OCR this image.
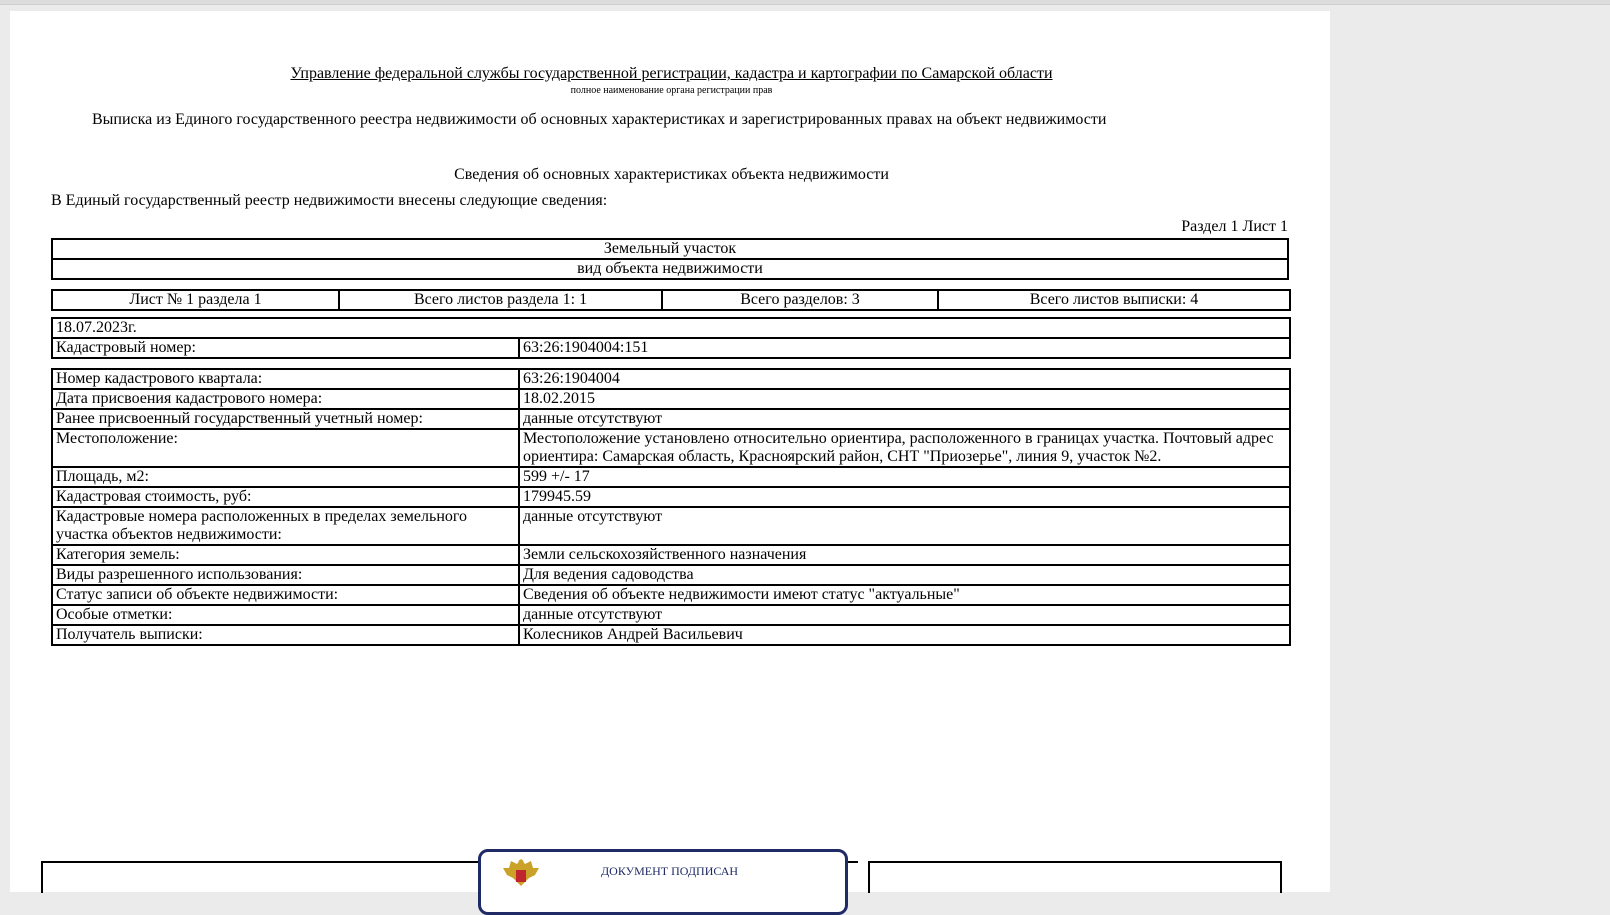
Управление федеральной службы государственной регистрации, кадастра и картографии по Самарской области
полное наименование органа регистрации прав
Выписка из Единого государственного реестра недвижимости об основных характеристиках и зарегистрированных правах на объект недвижимости
Сведения об основных характеристиках объекта недвижимости
В Единый государственный реестр недвижимости внесены следующие сведения:
Раздел 1 Лист 1
Земельный участок
вид объекта недвижимости
Лист № 1 раздела 1	Всего листов раздела 1: 1	Всего разделов: 3	Всего листов выписки: 4
18.07.2023г.
Кадастровый номер:	63:26:1904004:151
Номер кадастрового квартала:	63:26:1904004
Дата присвоения кадастрового номера:	18.02.2015
Ранее присвоенный государственный учетный номер:	данные отсутствуют
Местоположение:	Местоположение установлено относительно ориентира, расположенного в границах участка. Почтовый адрес ориентира: Самарская область, Красноярский район, СНТ "Приозерье", линия 9, участок №2.
Площадь, м2:	599 +/- 17
Кадастровая стоимость, руб:	179945.59
Кадастровые номера расположенных в пределах земельного участка объектов недвижимости:	данные отсутствуют
Категория земель:	Земли сельскохозяйственного назначения
Виды разрешенного использования:	Для ведения садоводства
Статус записи об объекте недвижимости:	Сведения об объекте недвижимости имеют статус "актуальные"
Особые отметки:	данные отсутствуют
Получатель выписки:	Колесников Андрей Васильевич
ДОКУМЕНТ ПОДПИСАН
